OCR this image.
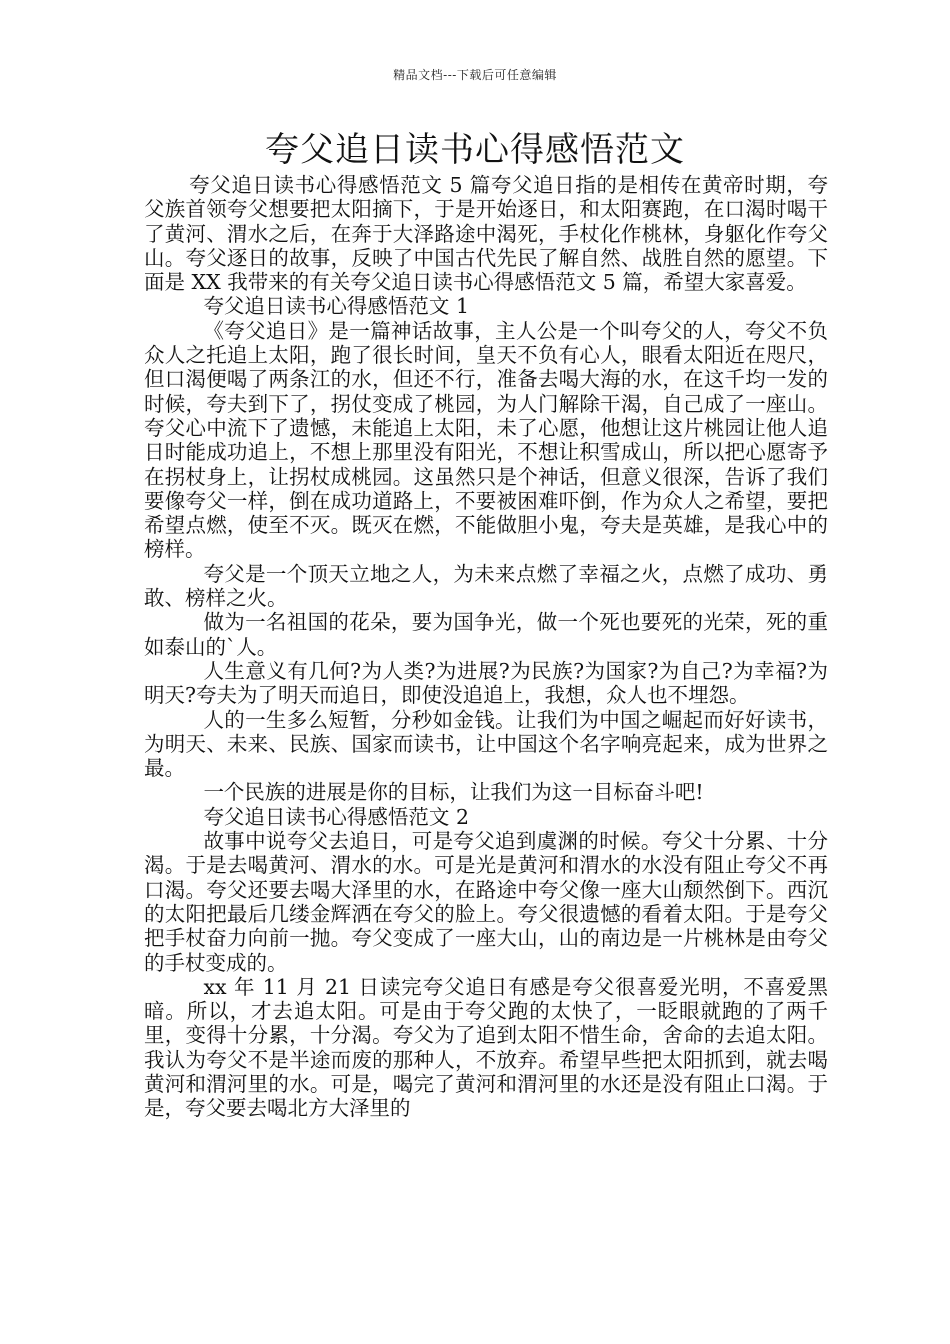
精品文档---下载后可任意编辑
夸父追日读书心得感悟范文

夸父追日读书心得感悟范文 5 篇夸父追日指的是相传在黄帝时期，夸父族首领夸父想要把太阳摘下，于是开始逐日，和太阳赛跑，在口渴时喝干了黄河、渭水之后，在奔于大泽路途中渴死，手杖化作桃林，身躯化作夸父山。夸父逐日的故事，反映了中国古代先民了解自然、战胜自然的愿望。下面是 XX 我带来的有关夸父追日读书心得感悟范文 5 篇，希望大家喜爱。

夸父追日读书心得感悟范文 1

《夸父追日》是一篇神话故事，主人公是一个叫夸父的人，夸父不负众人之托追上太阳，跑了很长时间，皇天不负有心人，眼看太阳近在咫尺，但口渴便喝了两条江的水，但还不行，准备去喝大海的水，在这千均一发的时候，夸夫到下了，拐仗变成了桃园，为人门解除干渴，自己成了一座山。夸父心中流下了遗憾，未能追上太阳，未了心愿，他想让这片桃园让他人追日时能成功追上，不想上那里没有阳光，不想让积雪成山，所以把心愿寄予在拐杖身上，让拐杖成桃园。这虽然只是个神话，但意义很深，告诉了我们要像夸父一样，倒在成功道路上，不要被困难吓倒，作为众人之希望，要把希望点燃，使至不灭。既灭在燃，不能做胆小鬼，夸夫是英雄，是我心中的榜样。

夸父是一个顶天立地之人，为未来点燃了幸福之火，点燃了成功、勇敢、榜样之火。

做为一名祖国的花朵，要为国争光，做一个死也要死的光荣，死的重如泰山的`人。

人生意义有几何?为人类?为进展?为民族?为国家?为自己?为幸福?为明天?夸夫为了明天而追日，即使没追追上，我想，众人也不埋怨。

人的一生多么短暂，分秒如金钱。让我们为中国之崛起而好好读书，为明天、未来、民族、国家而读书，让中国这个名字响亮起来，成为世界之最。

一个民族的进展是你的目标，让我们为这一目标奋斗吧!

夸父追日读书心得感悟范文 2

故事中说夸父去追日，可是夸父追到虞渊的时候。夸父十分累、十分渴。于是去喝黄河、渭水的水。可是光是黄河和渭水的水没有阻止夸父不再口渴。夸父还要去喝大泽里的水，在路途中夸父像一座大山颓然倒下。西沉的太阳把最后几缕金辉洒在夸父的脸上。夸父很遗憾的看着太阳。于是夸父把手杖奋力向前一抛。夸父变成了一座大山，山的南边是一片桃林是由夸父的手杖变成的。

xx 年 11 月 21 日读完夸父追日有感是夸父很喜爱光明，不喜爱黑暗。所以，才去追太阳。可是由于夸父跑的太快了，一眨眼就跑的了两千里，变得十分累，十分渴。夸父为了追到太阳不惜生命，舍命的去追太阳。我认为夸父不是半途而废的那种人，不放弃。希望早些把太阳抓到，就去喝黄河和渭河里的水。可是，喝完了黄河和渭河里的水还是没有阻止口渴。于是，夸父要去喝北方大泽里的
